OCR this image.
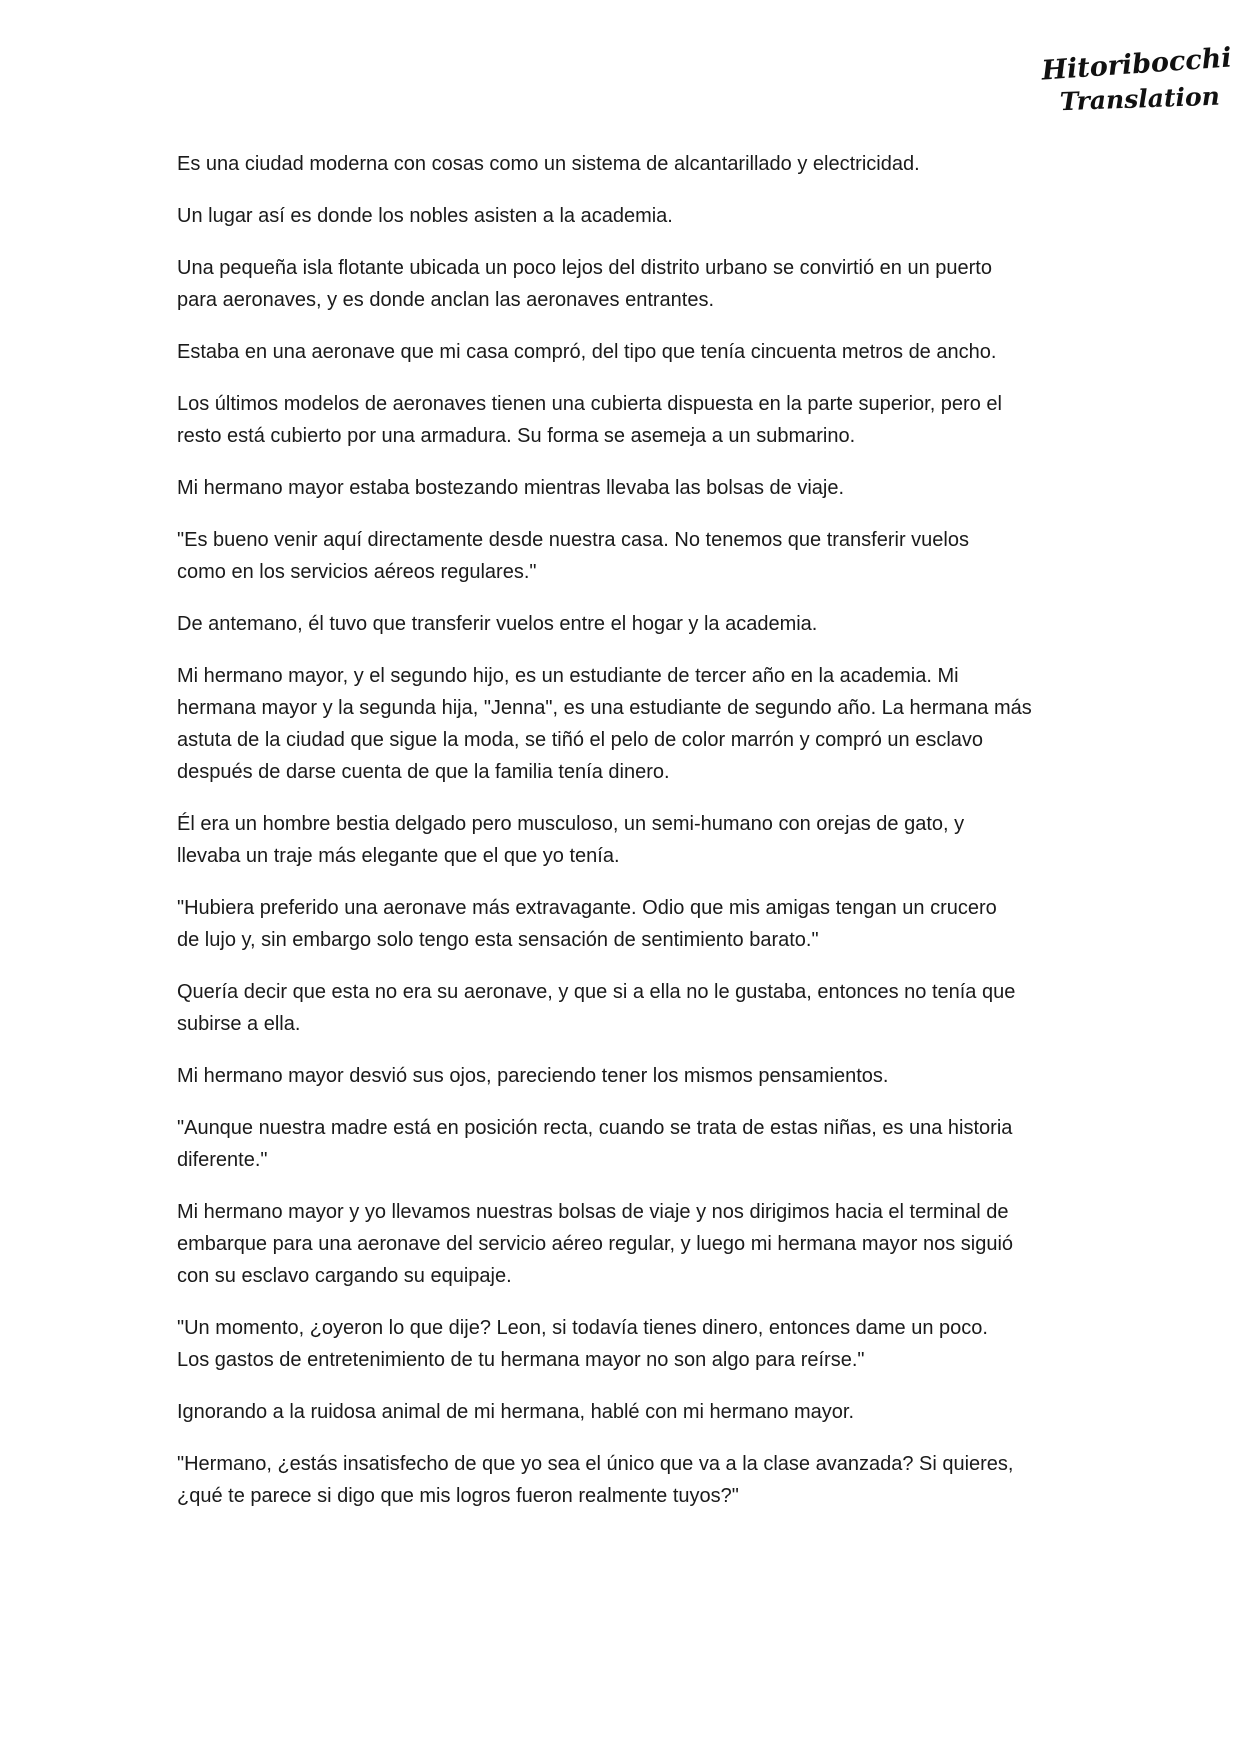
Hitoribocchi
Translation

Es una ciudad moderna con cosas como un sistema de alcantarillado y electricidad.

Un lugar así es donde los nobles asisten a la academia.

Una pequeña isla flotante ubicada un poco lejos del distrito urbano se convirtió en un puerto
para aeronaves, y es donde anclan las aeronaves entrantes.

Estaba en una aeronave que mi casa compró, del tipo que tenía cincuenta metros de ancho.

Los últimos modelos de aeronaves tienen una cubierta dispuesta en la parte superior, pero el
resto está cubierto por una armadura. Su forma se asemeja a un submarino.

Mi hermano mayor estaba bostezando mientras llevaba las bolsas de viaje.

"Es bueno venir aquí directamente desde nuestra casa. No tenemos que transferir vuelos
como en los servicios aéreos regulares."

De antemano, él tuvo que transferir vuelos entre el hogar y la academia.

Mi hermano mayor, y el segundo hijo, es un estudiante de tercer año en la academia. Mi
hermana mayor y la segunda hija, "Jenna", es una estudiante de segundo año. La hermana más
astuta de la ciudad que sigue la moda, se tiñó el pelo de color marrón y compró un esclavo
después de darse cuenta de que la familia tenía dinero.

Él era un hombre bestia delgado pero musculoso, un semi-humano con orejas de gato, y
llevaba un traje más elegante que el que yo tenía.

"Hubiera preferido una aeronave más extravagante. Odio que mis amigas tengan un crucero
de lujo y, sin embargo solo tengo esta sensación de sentimiento barato."

Quería decir que esta no era su aeronave, y que si a ella no le gustaba, entonces no tenía que
subirse a ella.

Mi hermano mayor desvió sus ojos, pareciendo tener los mismos pensamientos.

"Aunque nuestra madre está en posición recta, cuando se trata de estas niñas, es una historia
diferente."

Mi hermano mayor y yo llevamos nuestras bolsas de viaje y nos dirigimos hacia el terminal de
embarque para una aeronave del servicio aéreo regular, y luego mi hermana mayor nos siguió
con su esclavo cargando su equipaje.

"Un momento, ¿oyeron lo que dije? Leon, si todavía tienes dinero, entonces dame un poco.
Los gastos de entretenimiento de tu hermana mayor no son algo para reírse."

Ignorando a la ruidosa animal de mi hermana, hablé con mi hermano mayor.

"Hermano, ¿estás insatisfecho de que yo sea el único que va a la clase avanzada? Si quieres,
¿qué te parece si digo que mis logros fueron realmente tuyos?"
